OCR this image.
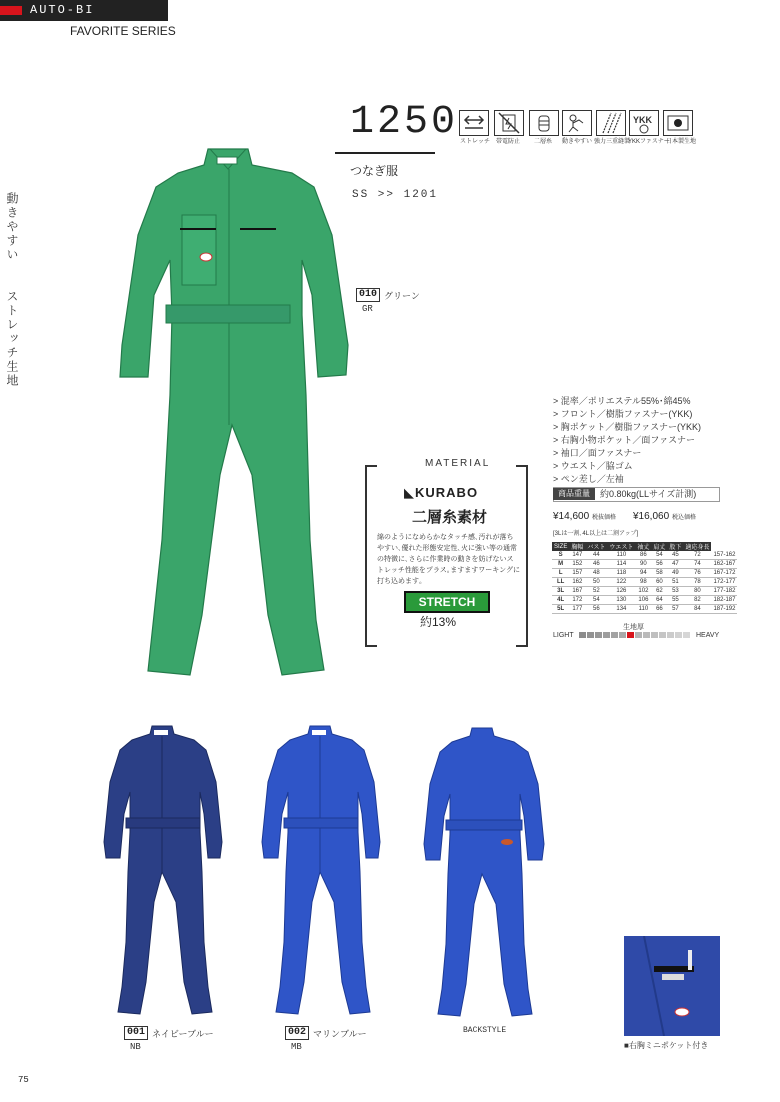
AUTO-BI
FAVORITE SERIES
動きやすい
ストレッチ生地
1250
つなぎ服
SS >> 1201
ストレッチ 帯電防止 二層糸 動きやすい 強力三重縫製
YKK
YKKファスナー
日本製生地
010 グリーン
GR
001 ネイビーブルー
NB
002 マリンブルー
MB
BACKSTYLE
> 混率／ポリエステル55%･綿45%
> フロント／樹脂ファスナー(YKK)
> 胸ポケット／樹脂ファスナー(YKK)
> 右胸小物ポケット／面ファスナー
> 袖口／面ファスナー
> ウエスト／脇ゴム
> ペン差し／左袖
商品重量	約0.80kg(LLサイズ計測)
¥14,600 税抜価格 ¥16,060 税込価格
[3Lは一割､4L以上は二割アップ]
SIZE	胸幅	バスト	ウエスト	袖丈	肩丈	股下	適応身長	
S	147	44	110	86	54	45	72	157-162
M	152	46	114	90	56	47	74	162-167
L	157	48	118	94	58	49	76	167-172
LL	162	50	122	98	60	51	78	172-177
3L	167	52	126	102	62	53	80	177-182
4L	172	54	130	106	64	55	82	182-187
5L	177	56	134	110	66	57	84	187-192
生地厚
LIGHT	HEAVY
MATERIAL
◣KURABO
二層糸素材
綿のようになめらかなタッチ感､汚れが落ちやすい､優れた形態安定性､火に強い等の通常の特徴に､さらに作業時の動きを妨げないストレッチ性能をプラス｡ますますワーキングに打ち込めます｡
STRETCH
約13%
■右胸ミニポケット付き
75
